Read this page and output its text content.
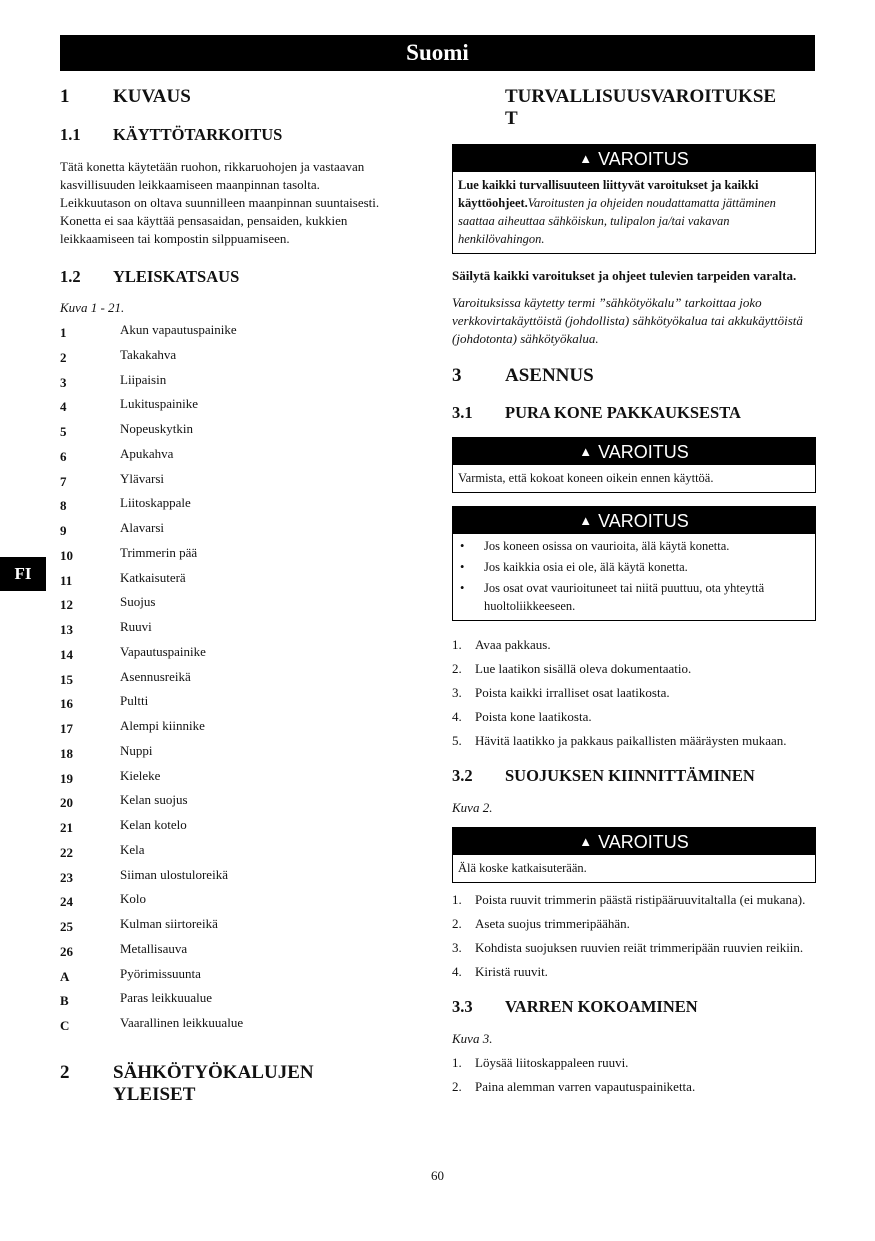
Suomi
FI
1	KUVAUS
1.1	KÄYTTÖTARKOITUS

Tätä konetta käytetään ruohon, rikkaruohojen ja vastaavan

kasvillisuuden leikkaamiseen maanpinnan tasolta.

Leikkuutason on oltava suunnilleen maanpinnan suuntaisesti.

Konetta ei saa käyttää pensasaidan, pensaiden, kukkien

leikkaamiseen tai kompostin silppuamiseen.

1.2	YLEISKATSAUS

Kuva 1 - 21.

1	Akun vapautuspainike
2	Takakahva
3	Liipaisin
4	Lukituspainike
5	Nopeuskytkin
6	Apukahva
7	Ylävarsi
8	Liitoskappale
9	Alavarsi
10	Trimmerin pää
11	Katkaisuterä
12	Suojus
13	Ruuvi
14	Vapautuspainike
15	Asennusreikä
16	Pultti
17	Alempi kiinnike
18	Nuppi
19	Kieleke
20	Kelan suojus
21	Kelan kotelo
22	Kela
23	Siiman ulostuloreikä
24	Kolo
25	Kulman siirtoreikä
26	Metallisauva
A	Pyörimissuunta
B	Paras leikkuualue
C	Vaarallinen leikkuualue
2	SÄHKÖTYÖKALUJEN
YLEISET
TURVALLISUUSVAROITUKSE
T
▲ VAROITUS
Lue kaikki turvallisuuteen liittyvät varoitukset ja kaikki käyttöohjeet.Varoitusten ja ohjeiden noudattamatta jättäminen saattaa aiheuttaa sähköiskun, tulipalon ja/tai vakavan henkilövahingon.

Säilytä kaikki varoitukset ja ohjeet tulevien tarpeiden varalta.

Varoituksissa käytetty termi ”sähkötyökalu” tarkoittaa joko verkkovirtakäyttöistä (johdollista) sähkötyökalua tai akkukäyttöistä (johdotonta) sähkötyökalua.

3	ASENNUS
3.1	PURA KONE PAKKAUKSESTA
▲ VAROITUS
Varmista, että kokoat koneen oikein ennen käyttöä.
▲ VAROITUS
•	Jos koneen osissa on vaurioita, älä käytä konetta.
•	Jos kaikkia osia ei ole, älä käytä konetta.
•	Jos osat ovat vaurioituneet tai niitä puuttuu, ota yhteyttä huoltoliikkeeseen.
1.	Avaa pakkaus.
2.	Lue laatikon sisällä oleva dokumentaatio.
3.	Poista kaikki irralliset osat laatikosta.
4.	Poista kone laatikosta.
5.	Hävitä laatikko ja pakkaus paikallisten määräysten mukaan.
3.2	SUOJUKSEN KIINNITTÄMINEN

Kuva 2.

▲ VAROITUS
Älä koske katkaisuterään.
1.	Poista ruuvit trimmerin päästä ristipääruuvitaltalla (ei mukana).
2.	Aseta suojus trimmeripäähän.
3.	Kohdista suojuksen ruuvien reiät trimmeripään ruuvien reikiin.
4.	Kiristä ruuvit.
3.3	VARREN KOKOAMINEN

Kuva 3.

1.	Löysää liitoskappaleen ruuvi.
2.	Paina alemman varren vapautuspainiketta.
60
